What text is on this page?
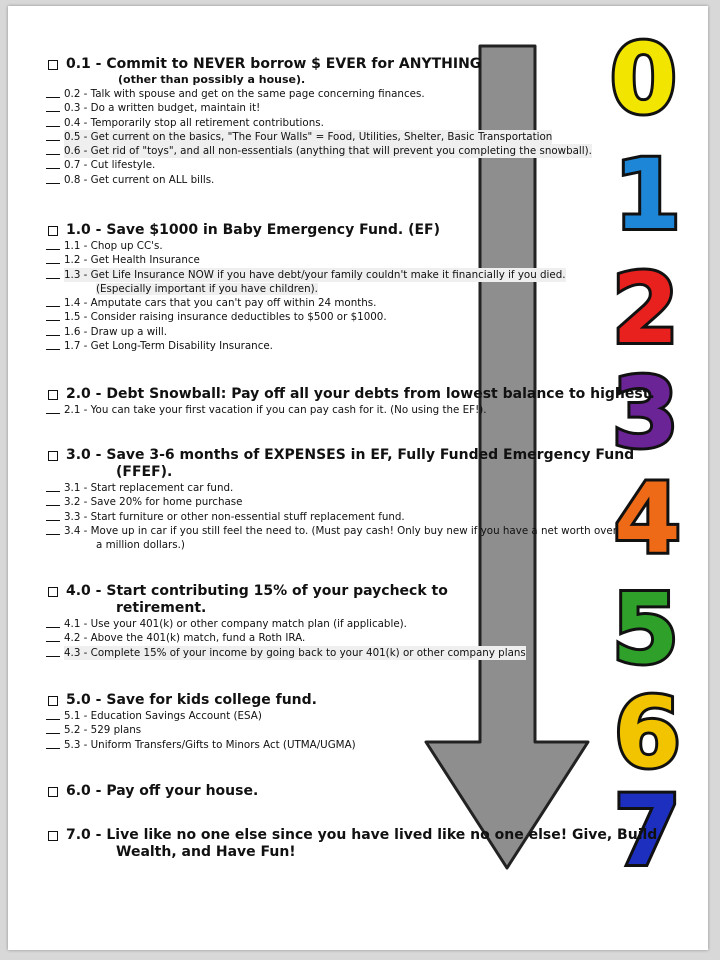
0
1
2
3
4
5
6
7
0.1 - Commit to NEVER borrow $ EVER for ANYTHING
(other than possibly a house).
0.2 - Talk with spouse and get on the same page concerning finances.
0.3 - Do a written budget, maintain it!
0.4 - Temporarily stop all retirement contributions.
0.5 - Get current on the basics, "The Four Walls" = Food, Utilities, Shelter, Basic Transportation
0.6 - Get rid of "toys", and all non-essentials (anything that will prevent you completing the snowball).
0.7 - Cut lifestyle.
0.8 - Get current on ALL bills.
1.0 - Save $1000 in Baby Emergency Fund. (EF)
1.1 - Chop up CC's.
1.2 - Get Health Insurance
1.3 - Get Life Insurance NOW if you have debt/your family couldn't make it financially if you died.
(Especially important if you have children).
1.4 - Amputate cars that you can't pay off within 24 months.
1.5 - Consider raising insurance deductibles to $500 or $1000.
1.6 - Draw up a will.
1.7 - Get Long-Term Disability Insurance.
2.0 - Debt Snowball: Pay off all your debts from lowest balance to highest.
2.1 - You can take your first vacation if you can pay cash for it. (No using the EF!).
3.0 - Save 3-6 months of EXPENSES in EF, Fully Funded Emergency Fund
(FFEF).
3.1 - Start replacement car fund.
3.2 - Save 20% for home purchase
3.3 - Start furniture or other non-essential stuff replacement fund.
3.4 - Move up in car if you still feel the need to. (Must pay cash! Only buy new if you have a net worth over
a million dollars.)
4.0 - Start contributing 15% of your paycheck to
retirement.
4.1 - Use your 401(k) or other company match plan (if applicable).
4.2 - Above the 401(k) match, fund a Roth IRA.
4.3 - Complete 15% of your income by going back to your 401(k) or other company plans
5.0 - Save for kids college fund.
5.1 - Education Savings Account (ESA)
5.2 - 529 plans
5.3 - Uniform Transfers/Gifts to Minors Act (UTMA/UGMA)
6.0 - Pay off your house.
7.0 - Live like no one else since you have lived like no one else! Give, Build
Wealth, and Have Fun!
